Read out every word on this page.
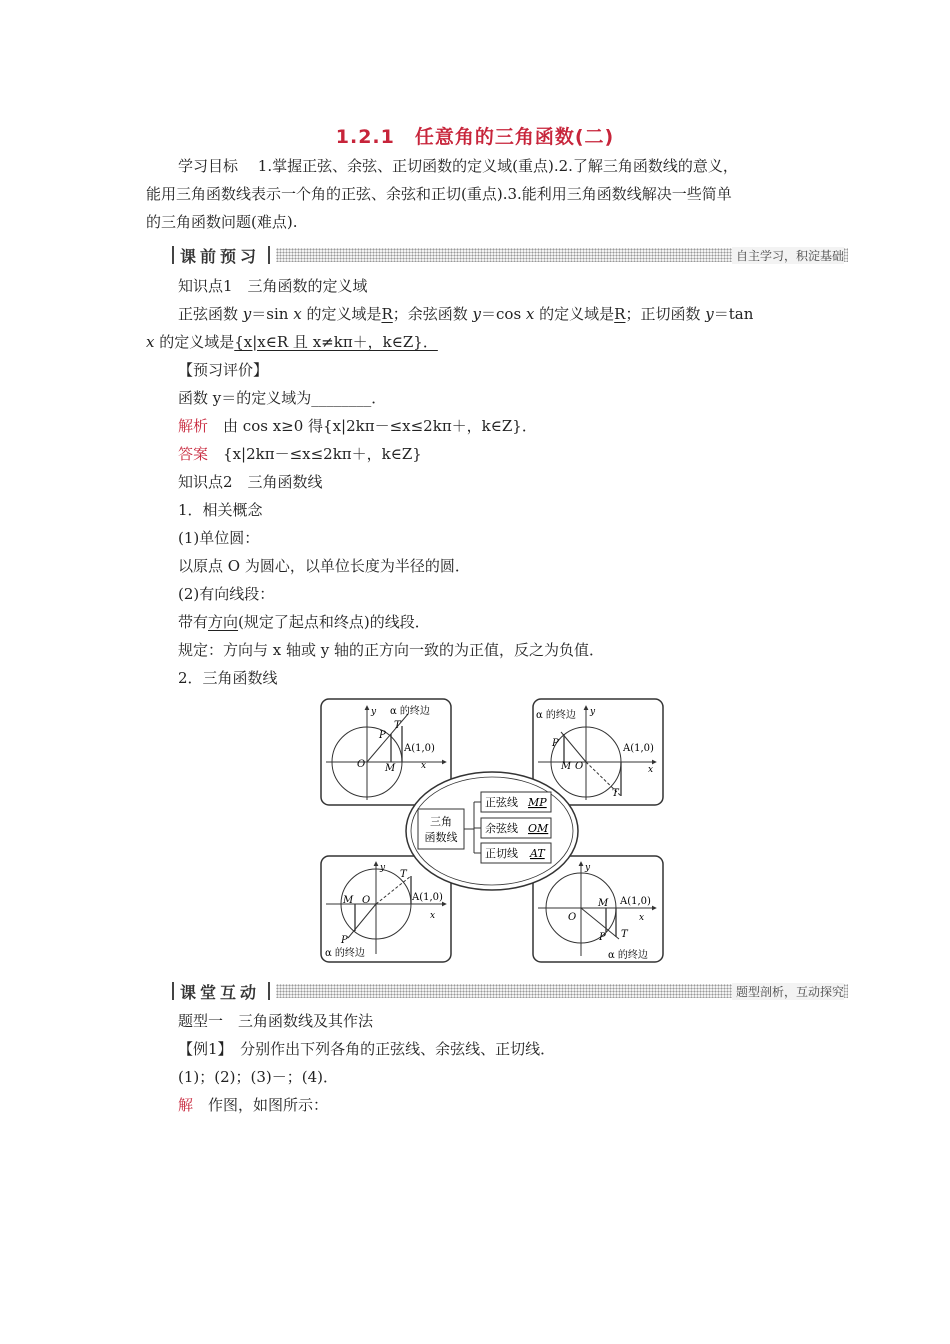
1.2.1　任意角的三角函数(二)
学习目标　 1.掌握正弦、余弦、正切函数的定义域(重点).2.了解三角函数线的意义，
能用三角函数线表示一个角的正弦、余弦和正切(重点).3.能利用三角函数线解决一些简单
的三角函数问题(难点).
课前预习	自主学习，积淀基础
知识点1　三角函数的定义域
正弦函数 y＝sin x 的定义域是R；余弦函数 y＝cos x 的定义域是R；正切函数 y＝tan
x 的定义域是{x|x∈R 且 x≠kπ＋，k∈Z}．
【预习评价】
函数 y＝的定义域为________．
解析　 由 cos x≥0 得{x|2kπ－≤x≤2kπ＋，k∈Z}．
答案　 {x|2kπ－≤x≤2kπ＋，k∈Z}
知识点2　三角函数线
1．相关概念
(1)单位圆：
以原点 O 为圆心，以单位长度为半径的圆．
(2)有向线段：
带有方向(规定了起点和终点)的线段．
规定：方向与 x 轴或 y 轴的正方向一致的为正值，反之为负值．
2．三角函数线
O M
P
T
A(1,0)
y
x
α 的终边
M O
P
T
A(1,0)
y
x
α 的终边
M O
P
T
A(1,0)
y
x
α 的终边
O
M
P T
A(1,0)
y
x
α 的终边
三角
函数线
正弦线 MP
余弦线 OM
正切线 AT
课堂互动	题型剖析，互动探究
题型一　三角函数线及其作法
【例1】　 分别作出下列各角的正弦线、余弦线、正切线．
(1)；(2)；(3)－；(4)．
解　 作图，如图所示：
